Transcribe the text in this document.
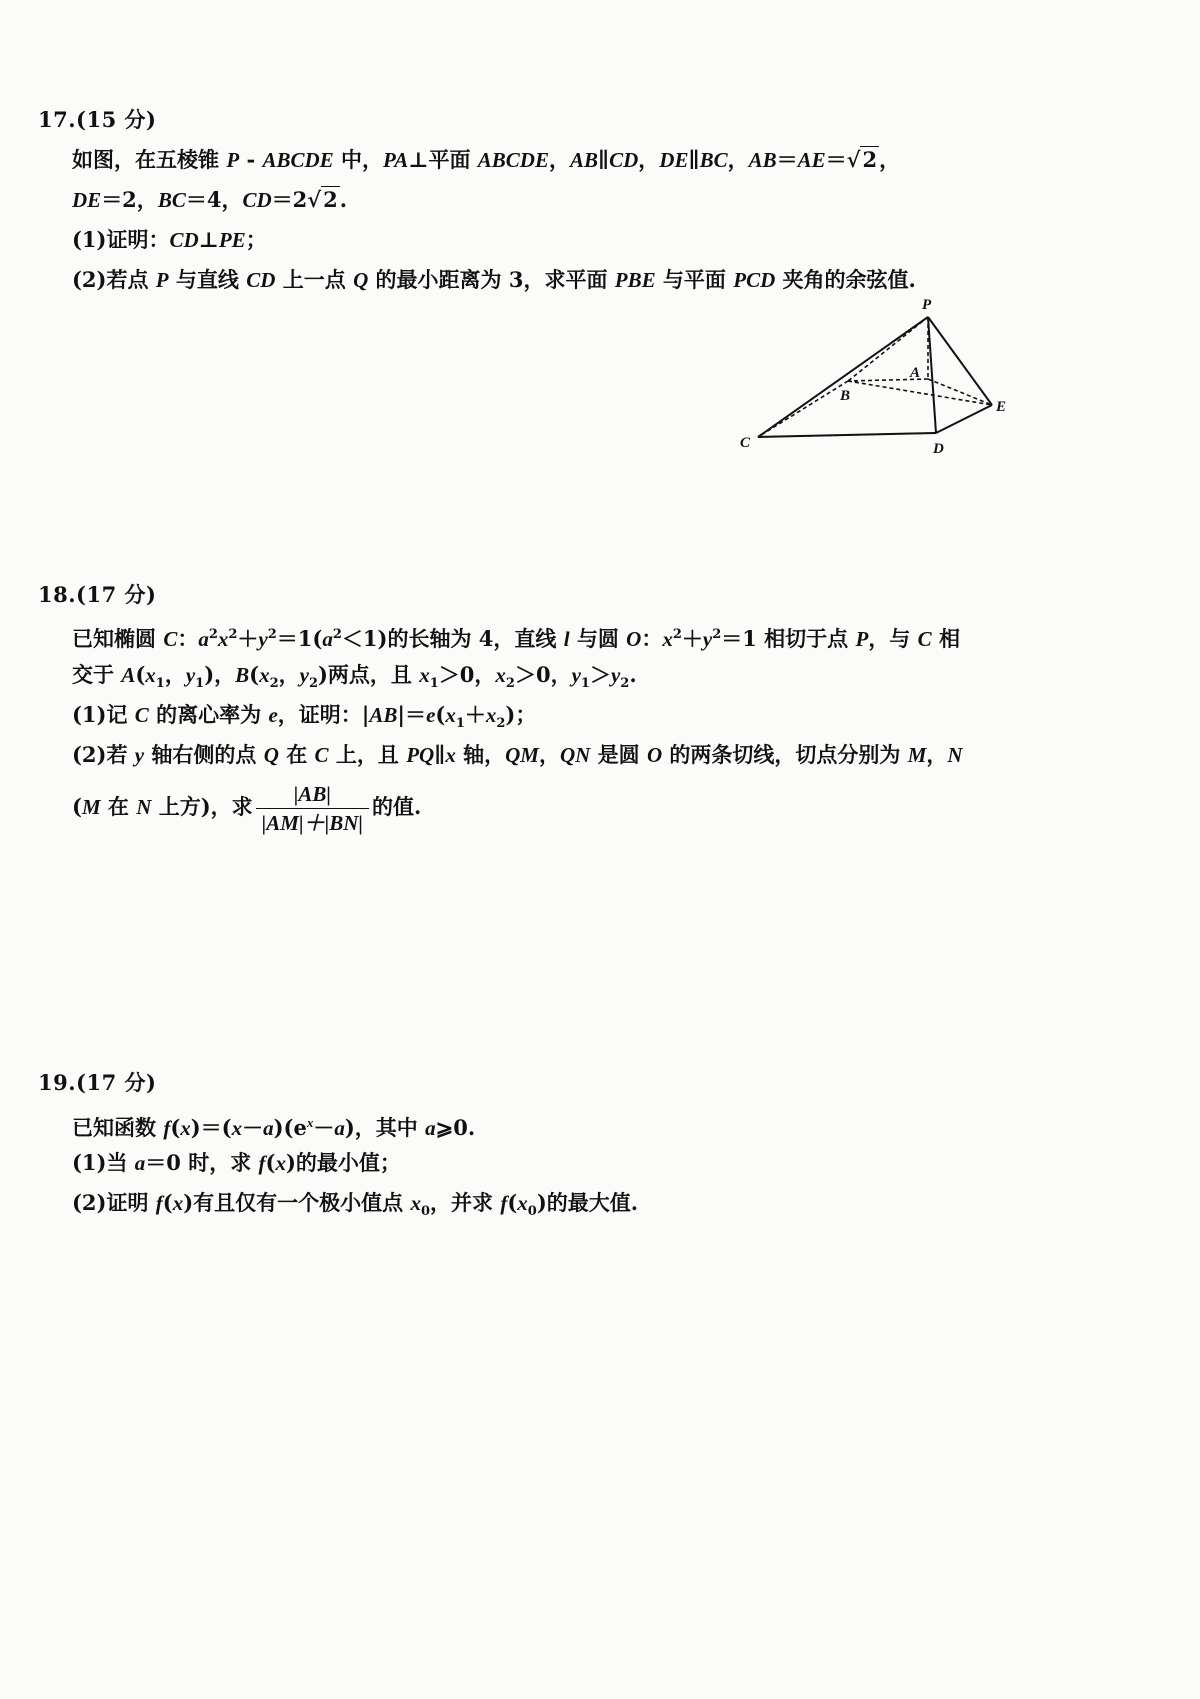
17.(15 分)
如图，在五棱锥 P - ABCDE 中，PA⊥平面 ABCDE，AB∥CD，DE∥BC，AB＝AE＝√2，
DE＝2，BC＝4，CD＝2√2.
(1)证明：CD⊥PE；
(2)若点 P 与直线 CD 上一点 Q 的最小距离为 3，求平面 PBE 与平面 PCD 夹角的余弦值.
P
A
B
C	D
E
18.(17 分)
已知椭圆 C：$a^2x^2+y^2=1(a^2<1)$的长轴为 4，直线 l 与圆 O：$x^2+y^2=1$ 相切于点 P，与 C 相
交于 $A(x_1$，$y_1$)，$B(x_2$，$y_2$)两点，且 $x_1>0$，$x_2>0$，$y_1>y_2$.
(1)记 C 的离心率为 e，证明：$|AB|=e(x_1+x_2)$；
(2)若 y 轴右侧的点 Q 在 C 上，且 PQ∥x 轴，QM，QN 是圆 O 的两条切线，切点分别为 M，N
(M 在 N 上方)，求 $\frac{|AB|}{|AM|+|BN|}$ 的值.
19.(17 分)
已知函数 $f(x)=(x-a)(e^x-a)$，其中 a⩾0.
(1)当 a＝0 时，求 f(x)的最小值；
(2)证明 f(x)有且仅有一个极小值点 $x_0$，并求 $f(x_0)$的最大值.
